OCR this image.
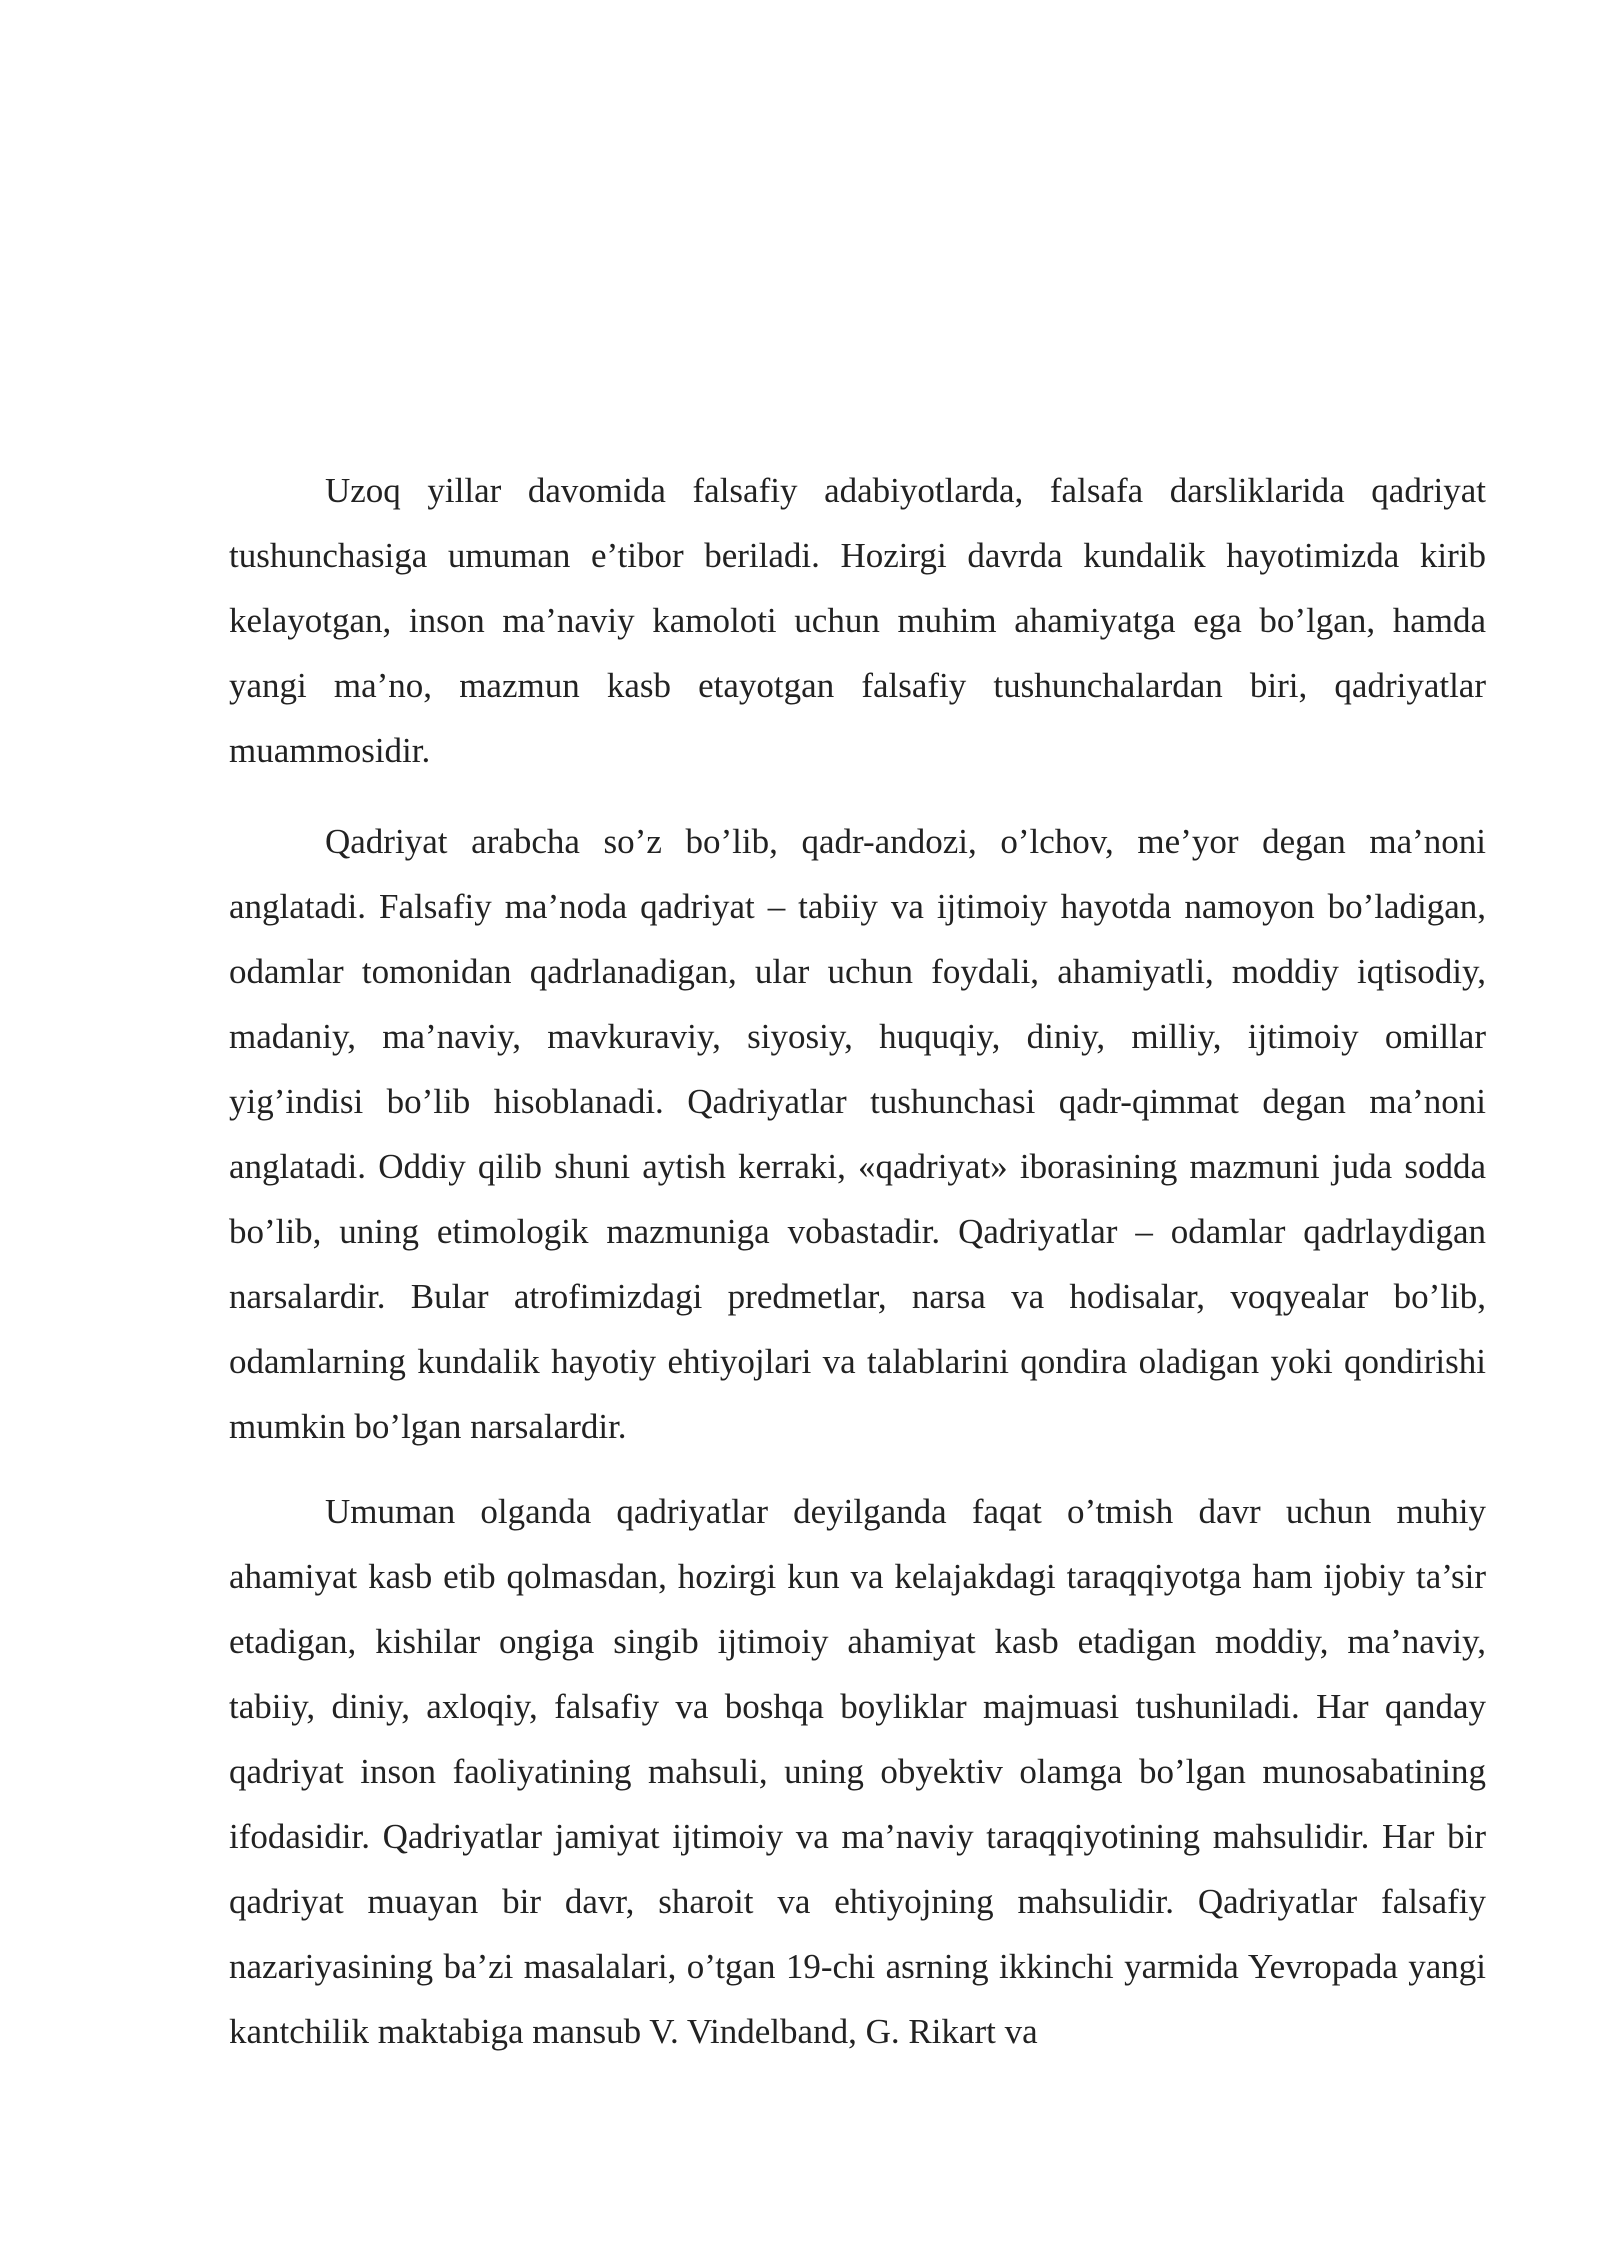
Uzoq yillar davomida falsafiy adabiyotlarda, falsafa darsliklarida qadriyat tushunchasiga umuman e’tibor beriladi. Hozirgi davrda kundalik hayotimizda kirib kelayotgan, inson ma’naviy kamoloti uchun muhim ahamiyatga ega bo’lgan, hamda yangi ma’no, mazmun kasb etayotgan falsafiy tushunchalardan biri, qadriyatlar muammosidir.

Qadriyat arabcha so’z bo’lib, qadr-andozi, o’lchov, me’yor degan ma’noni anglatadi. Falsafiy ma’noda qadriyat – tabiiy va ijtimoiy hayotda namoyon bo’ladigan, odamlar tomonidan qadrlanadigan, ular uchun foydali, ahamiyatli, moddiy iqtisodiy, madaniy, ma’naviy, mavkuraviy, siyosiy, huquqiy, diniy, milliy, ijtimoiy omillar yig’indisi bo’lib hisoblanadi. Qadriyatlar tushunchasi qadr-qimmat degan ma’noni anglatadi. Oddiy qilib shuni aytish kerraki, «qadriyat» iborasining mazmuni juda sodda bo’lib, uning etimologik mazmuniga vobastadir. Qadriyatlar – odamlar qadrlaydigan narsalardir. Bular atrofimizdagi predmetlar, narsa va hodisalar, voqyealar bo’lib, odamlarning kundalik hayotiy ehtiyojlari va talablarini qondira oladigan yoki qondirishi mumkin bo’lgan narsalardir.

Umuman olganda qadriyatlar deyilganda faqat o’tmish davr uchun muhiy ahamiyat kasb etib qolmasdan, hozirgi kun va kelajakdagi taraqqiyotga ham ijobiy ta’sir etadigan, kishilar ongiga singib ijtimoiy ahamiyat kasb etadigan moddiy, ma’naviy, tabiiy, diniy, axloqiy, falsafiy va boshqa boyliklar majmuasi tushuniladi. Har qanday qadriyat inson faoliyatining mahsuli, uning obyektiv olamga bo’lgan munosabatining ifodasidir. Qadriyatlar jamiyat ijtimoiy va ma’naviy taraqqiyotining mahsulidir. Har bir qadriyat muayan bir davr, sharoit va ehtiyojning mahsulidir. Qadriyatlar falsafiy nazariyasining ba’zi masalalari, o’tgan 19-chi asrning ikkinchi yarmida Yevropada yangi kantchilik maktabiga mansub V. Vindelband, G. Rikart va
